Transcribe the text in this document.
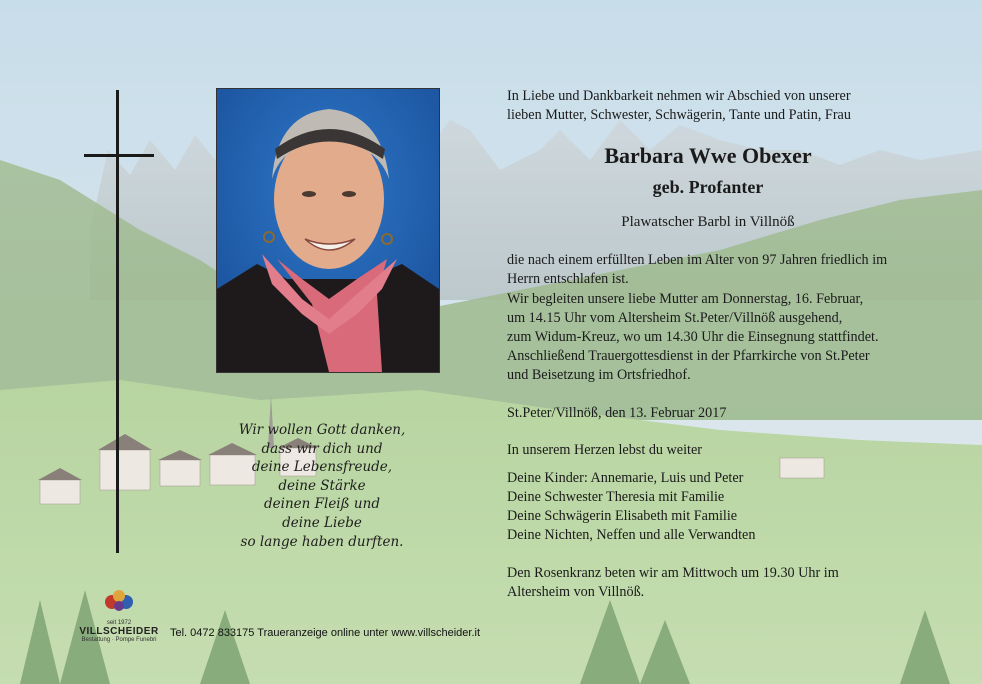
Wir wollen Gott danken,
dass wir dich und
deine Lebensfreude,
deine Stärke
deinen Fleiß und
deine Liebe
so lange haben durften.
In Liebe und Dankbarkeit nehmen wir Abschied von unserer
lieben Mutter, Schwester, Schwägerin, Tante und Patin, Frau
Barbara Wwe Obexer
geb. Profanter
Plawatscher Barbl in Villnöß
die nach einem erfüllten Leben im Alter von 97 Jahren friedlich im
Herrn entschlafen ist.
Wir begleiten unsere liebe Mutter am Donnerstag, 16. Februar,
um 14.15 Uhr vom Altersheim St.Peter/Villnöß ausgehend,
zum Widum-Kreuz, wo um 14.30 Uhr die Einsegnung stattfindet.
Anschließend Trauergottesdienst in der Pfarrkirche von St.Peter
und Beisetzung im Ortsfriedhof.
St.Peter/Villnöß, den 13. Februar 2017
In unserem Herzen lebst du weiter
Deine Kinder: Annemarie, Luis und Peter
Deine Schwester Theresia mit Familie
Deine Schwägerin Elisabeth mit Familie
Deine Nichten, Neffen und alle Verwandten
Den Rosenkranz beten wir am Mittwoch um 19.30 Uhr im
Altersheim von Villnöß.
seit 1972
VILLSCHEIDER
Bestattung · Pompe Funebri
Tel. 0472 833175 Traueranzeige online unter www.villscheider.it
